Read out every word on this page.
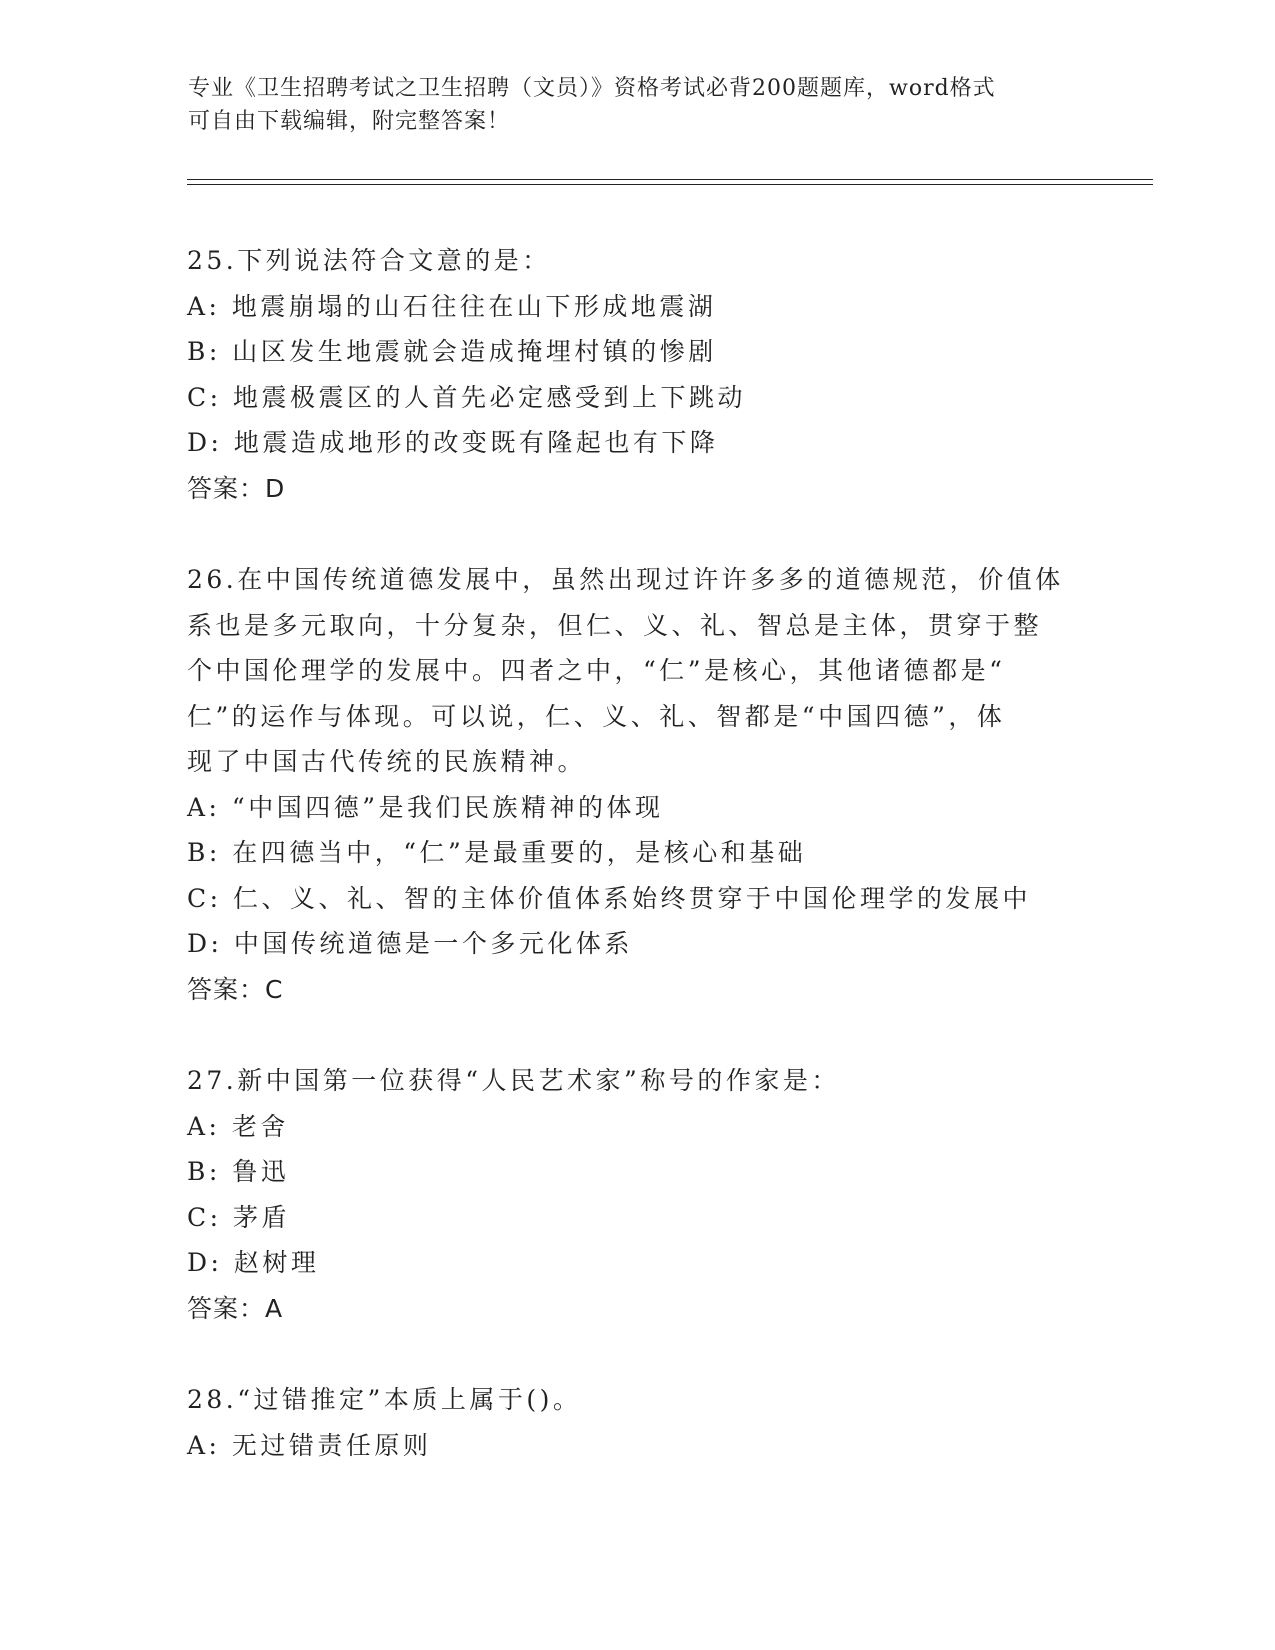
专业《卫生招聘考试之卫生招聘（文员）》资格考试必背200题题库，word格式
可自由下载编辑，附完整答案！
25.下列说法符合文意的是：
A: 地震崩塌的山石往往在山下形成地震湖
B: 山区发生地震就会造成掩埋村镇的惨剧
C: 地震极震区的人首先必定感受到上下跳动
D: 地震造成地形的改变既有隆起也有下降
答案：D
26.在中国传统道德发展中，虽然出现过许许多多的道德规范，价值体
系也是多元取向，十分复杂，但仁、义、礼、智总是主体，贯穿于整
个中国伦理学的发展中。四者之中，“仁”是核心，其他诸德都是“
仁”的运作与体现。可以说，仁、义、礼、智都是“中国四德”，体
现了中国古代传统的民族精神。
A: “中国四德”是我们民族精神的体现
B: 在四德当中，“仁”是最重要的，是核心和基础
C: 仁、义、礼、智的主体价值体系始终贯穿于中国伦理学的发展中
D: 中国传统道德是一个多元化体系
答案：C
27.新中国第一位获得“人民艺术家”称号的作家是：
A: 老舍
B: 鲁迅
C: 茅盾
D: 赵树理
答案：A
28.“过错推定”本质上属于()。
A: 无过错责任原则
